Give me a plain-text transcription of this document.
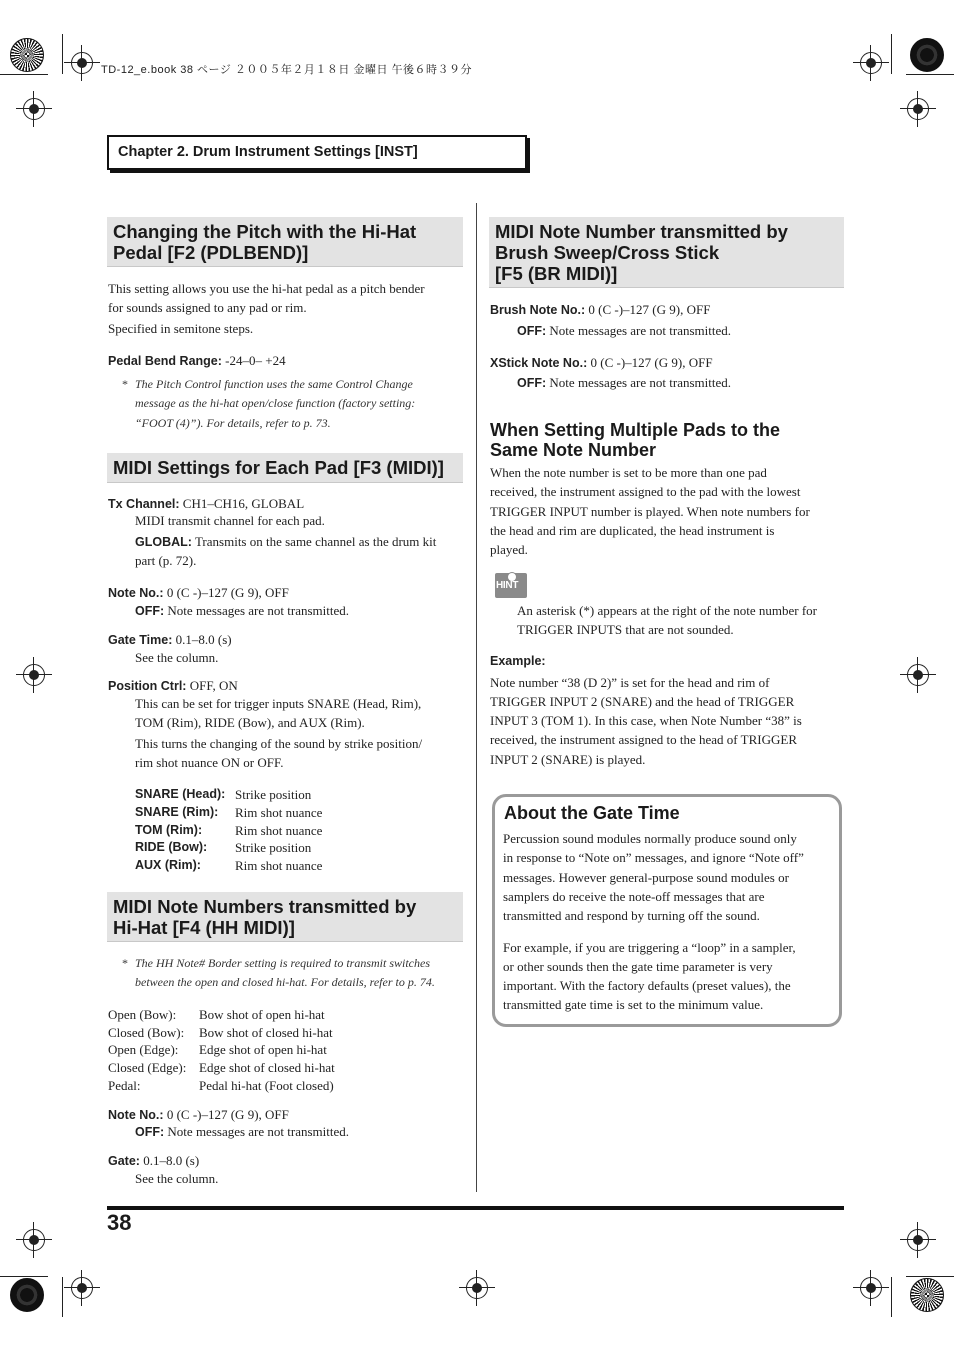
TD-12_e.book 38 ページ ２００５年２月１８日 金曜日 午後６時３９分
Chapter 2. Drum Instrument Settings [INST]
Changing the Pitch with the Hi-Hat
Pedal [F2 (PDLBEND)]
This setting allows you use the hi-hat pedal as a pitch bender
for sounds assigned to any pad or rim.
Specified in semitone steps.
Pedal Bend Range: -24–0– +24
* The Pitch Control function uses the same Control Change
message as the hi-hat open/close function (factory setting:
“FOOT (4)”). For details, refer to p. 73.
MIDI Settings for Each Pad [F3 (MIDI)]
Tx Channel: CH1–CH16, GLOBAL
MIDI transmit channel for each pad.
GLOBAL: Transmits on the same channel as the drum kit
part (p. 72).
Note No.: 0 (C -)–127 (G 9), OFF
OFF: Note messages are not transmitted.
Gate Time: 0.1–8.0 (s)
See the column.
Position Ctrl: OFF, ON
This can be set for trigger inputs SNARE (Head, Rim),
TOM (Rim), RIDE (Bow), and AUX (Rim).
This turns the changing of the sound by strike position/
rim shot nuance ON or OFF.
SNARE (Head): Strike position
SNARE (Rim): Rim shot nuance
TOM (Rim):	Rim shot nuance
RIDE (Bow): Strike position
AUX (Rim):	Rim shot nuance
MIDI Note Numbers transmitted by
Hi-Hat [F4 (HH MIDI)]
* The HH Note# Border setting is required to transmit switches
between the open and closed hi-hat. For details, refer to p. 74.
Open (Bow): Bow shot of open hi-hat
Closed (Bow): Bow shot of closed hi-hat
Open (Edge): Edge shot of open hi-hat
Closed (Edge): Edge shot of closed hi-hat
Pedal:	Pedal hi-hat (Foot closed)
Note No.: 0 (C -)–127 (G 9), OFF
OFF: Note messages are not transmitted.
Gate: 0.1–8.0 (s)
See the column.
MIDI Note Number transmitted by
Brush Sweep/Cross Stick
[F5 (BR MIDI)]
Brush Note No.: 0 (C -)–127 (G 9), OFF
OFF: Note messages are not transmitted.
XStick Note No.: 0 (C -)–127 (G 9), OFF
OFF: Note messages are not transmitted.
When Setting Multiple Pads to the
Same Note Number
When the note number is set to be more than one pad
received, the instrument assigned to the pad with the lowest
TRIGGER INPUT number is played. When note numbers for
the head and rim are duplicated, the head instrument is
played.
HINT
An asterisk (*) appears at the right of the note number for
TRIGGER INPUTS that are not sounded.
Example:
Note number “38 (D 2)” is set for the head and rim of
TRIGGER INPUT 2 (SNARE) and the head of TRIGGER
INPUT 3 (TOM 1). In this case, when Note Number “38” is
received, the instrument assigned to the head of TRIGGER
INPUT 2 (SNARE) is played.
About the Gate Time
Percussion sound modules normally produce sound only
in response to “Note on” messages, and ignore “Note off”
messages. However general-purpose sound modules or
samplers do receive the note-off messages that are
transmitted and respond by turning off the sound.
For example, if you are triggering a “loop” in a sampler,
or other sounds then the gate time parameter is very
important. With the factory defaults (preset values), the
transmitted gate time is set to the minimum value.
38
